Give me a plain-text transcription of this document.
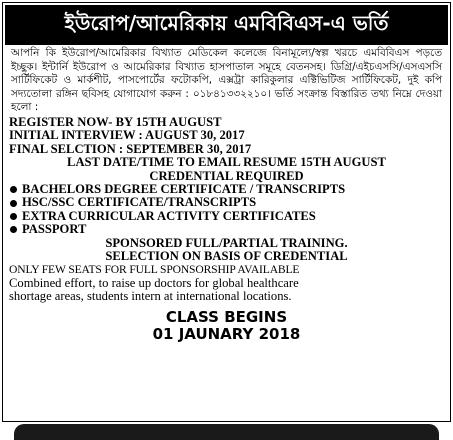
ইউরোপ/আমেরিকায় এমবিবিএস-এ ভর্তি
আপনি কি ইউরোপ/আমেরিকার বিখ্যাত মেডিকেল কলেজে বিনামূল্যে/স্বল্প খরচে এমবিবিএস পড়তে ইচ্ছুক। ইন্টার্নি ইউরোপ ও আমেরিকার বিখ্যাত হাসপাতাল সমূহে বেতনসহ। ডিগ্রি/এইচএসসি/এসএসসি সার্টিফিকেট ও মার্কশীট, পাসপোর্টের ফটোকপি, এক্সট্রা কারিকুলার এক্টিভিটিজ সার্টিফিকেট, দুই কপি সদ্যতোলা রঙ্গিন ছবিসহ যোগাযোগ করুন : ০১৮৪১৩৩২২১০। ভর্তি সংক্রান্ত বিস্তারিত তথ্য নিম্নে দেওয়া হলো :
REGISTER NOW- BY 15TH AUGUST
INITIAL INTERVIEW : AUGUST 30, 2017
FINAL SELCTION : SEPTEMBER 30, 2017
LAST DATE/TIME TO EMAIL RESUME 15TH AUGUST
CREDENTIAL REQUIRED
BACHELORS DEGREE CERTIFICATE / TRANSCRIPTS
HSC/SSC CERTIFICATE/TRANSCRIPTS
EXTRA CURRICULAR ACTIVITY CERTIFICATES
PASSPORT
SPONSORED FULL/PARTIAL TRAINING.
SELECTION ON BASIS OF CREDENTIAL
ONLY FEW SEATS FOR FULL SPONSORSHIP AVAILABLE
Combined effort, to raise up doctors for global healthcare
shortage areas, students intern at international locations.
CLASS BEGINS
01 JAUNARY 2018
